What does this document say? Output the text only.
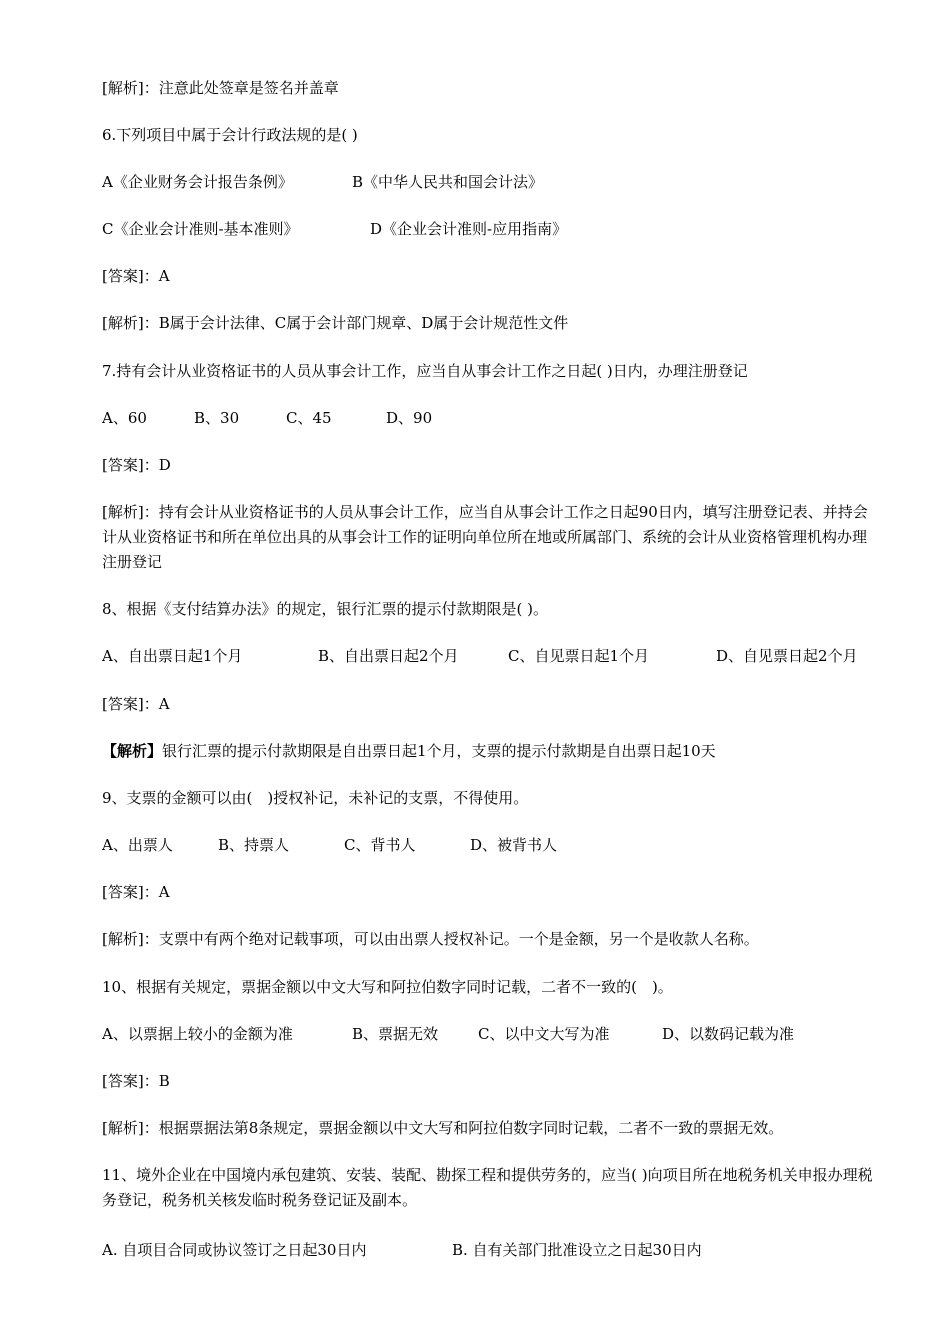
[解析]：注意此处签章是签名并盖章
6.下列项目中属于会计行政法规的是( )
A《企业财务会计报告条例》	B《中华人民共和国会计法》
C《企业会计准则-基本准则》	D《企业会计准则-应用指南》
[答案]：A
[解析]：B属于会计法律、C属于会计部门规章、D属于会计规范性文件
7.持有会计从业资格证书的人员从事会计工作，应当自从事会计工作之日起( )日内，办理注册登记
A、60	B、30	C、45	D、90
[答案]：D
[解析]：持有会计从业资格证书的人员从事会计工作，应当自从事会计工作之日起90日内，填写注册登记表、并持会计从业资格证书和所在单位出具的从事会计工作的证明向单位所在地或所属部门、系统的会计从业资格管理机构办理注册登记
8、根据《支付结算办法》的规定，银行汇票的提示付款期限是( )。
A、自出票日起1个月	B、自出票日起2个月	C、自见票日起1个月	D、自见票日起2个月
[答案]：A
【解析】银行汇票的提示付款期限是自出票日起1个月，支票的提示付款期是自出票日起10天
9、支票的金额可以由(　)授权补记，未补记的支票，不得使用。
A、出票人	B、持票人	C、背书人	D、被背书人
[答案]：A
[解析]：支票中有两个绝对记载事项，可以由出票人授权补记。一个是金额，另一个是收款人名称。
10、根据有关规定，票据金额以中文大写和阿拉伯数字同时记载，二者不一致的(　)。
A、以票据上较小的金额为准	B、票据无效	C、以中文大写为准	D、以数码记载为准
[答案]：B
[解析]：根据票据法第8条规定，票据金额以中文大写和阿拉伯数字同时记载，二者不一致的票据无效。
11、境外企业在中国境内承包建筑、安装、装配、勘探工程和提供劳务的，应当( )向项目所在地税务机关申报办理税务登记，税务机关核发临时税务登记证及副本。
A. 自项目合同或协议签订之日起30日内	B. 自有关部门批准设立之日起30日内
